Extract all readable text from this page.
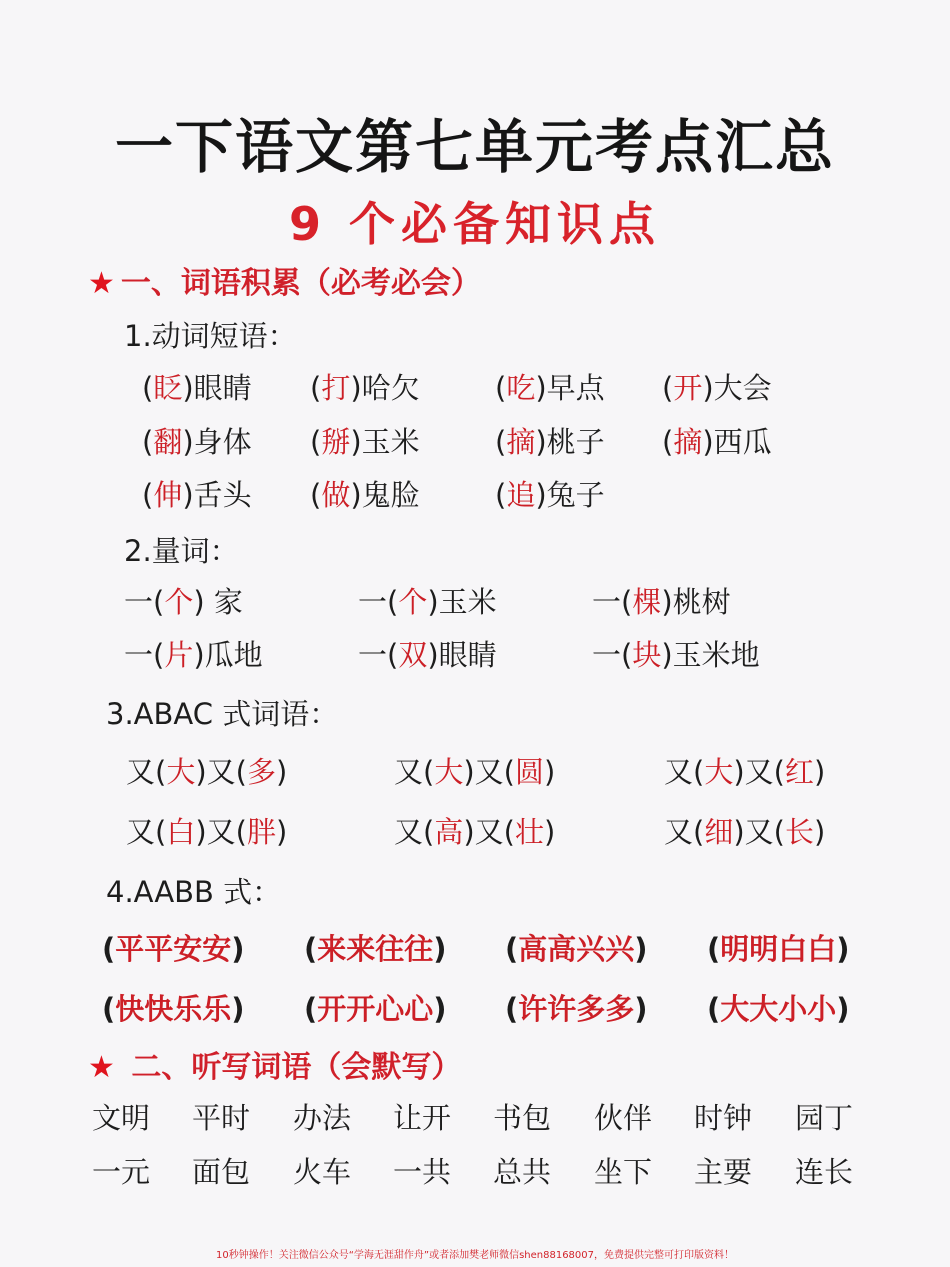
一下语文第七单元考点汇总
9 个必备知识点
★ 一、词语积累（必考必会）
1.动词短语：
(眨)眼睛 (打)哈欠	(吃)早点 (开)大会
(翻)身体 (掰)玉米	(摘)桃子 (摘)西瓜
(伸)舌头 (做)鬼脸	(追)兔子
2.量词：
一(个) 家	一(个)玉米	一(棵)桃树
一(片)瓜地	一(双)眼睛	一(块)玉米地
3.ABAC 式词语：
又(大)又(多)	又(大)又(圆)	又(大)又(红)
又(白)又(胖)	又(高)又(壮)	又(细)又(长)
4.AABB 式：
(平平安安) (来来往往) (高高兴兴) (明明白白)
(快快乐乐) (开开心心) (许许多多) (大大小小)
★ 二、听写词语（会默写）
文明 平时 办法 让开 书包 伙伴 时钟 园丁
一元 面包 火车 一共 总共 坐下 主要 连长
10秒钟操作！关注微信公众号“学海无涯甜作舟”或者添加樊老师微信shen88168007，免费提供完整可打印版资料！
